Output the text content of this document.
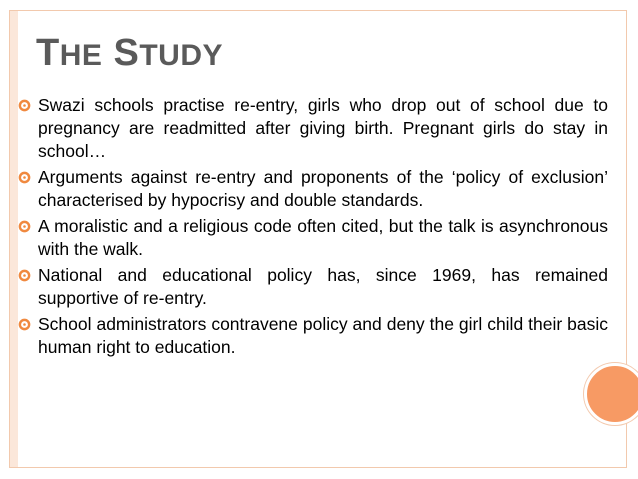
THE STUDY
Swazi schools practise re-entry, girls who drop out of school due to pregnancy are readmitted after giving birth. Pregnant girls do stay in school…
Arguments against re-entry and proponents of the ‘policy of exclusion’ characterised by hypocrisy and double standards.
A moralistic and a religious code often cited, but the talk is asynchronous with the walk.
National and educational policy has, since 1969, has remained supportive of re-entry.
School administrators contravene policy and deny the girl child their basic human right to education.
